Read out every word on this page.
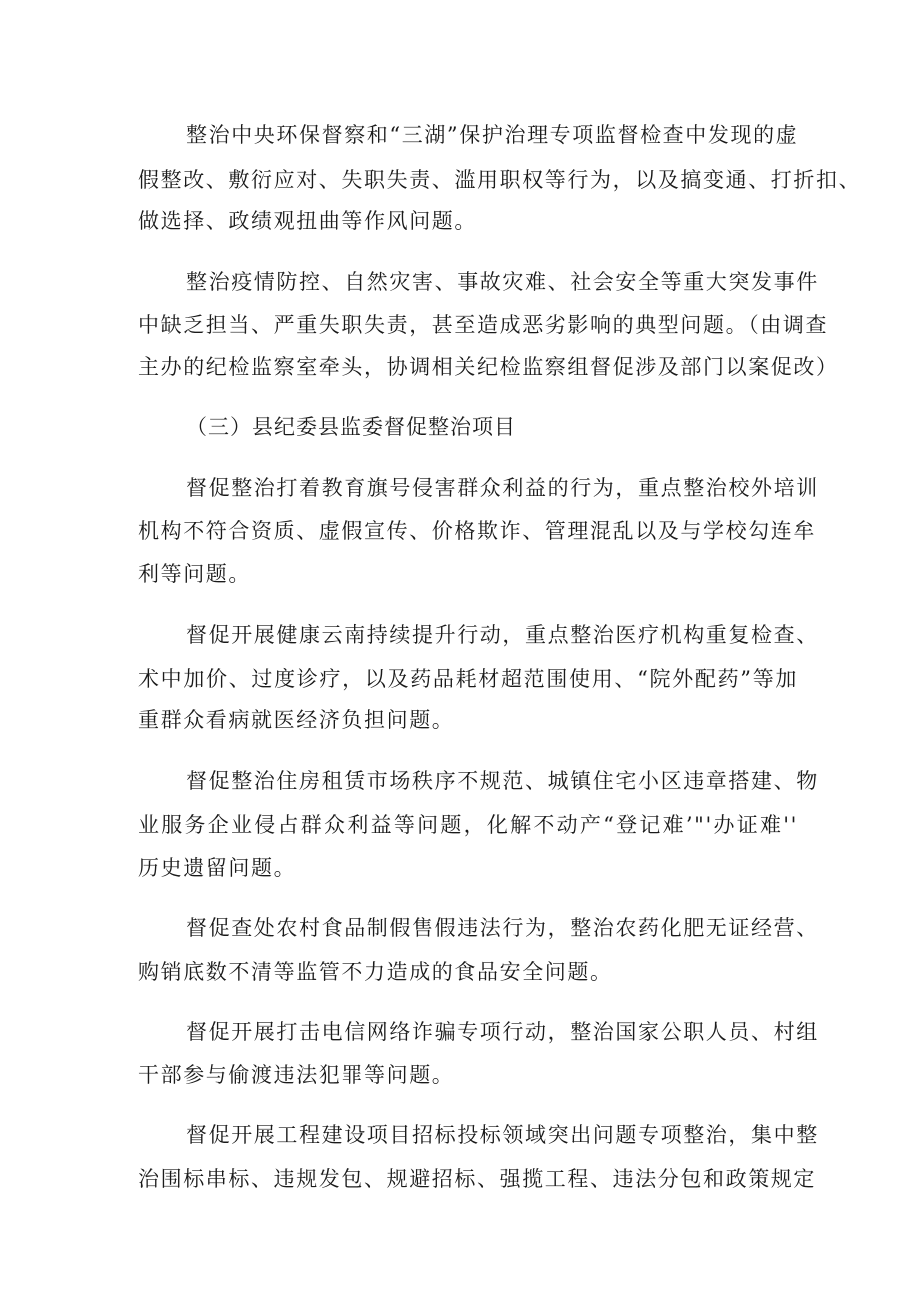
整治中央环保督察和“三湖”保护治理专项监督检查中发现的虚
假整改、敷衍应对、失职失责、滥用职权等行为，以及搞变通、打折扣、
做选择、政绩观扭曲等作风问题。
整治疫情防控、自然灾害、事故灾难、社会安全等重大突发事件
中缺乏担当、严重失职失责，甚至造成恶劣影响的典型问题。（由调查
主办的纪检监察室牵头，协调相关纪检监察组督促涉及部门以案促改）
（三）县纪委县监委督促整治项目
督促整治打着教育旗号侵害群众利益的行为，重点整治校外培训
机构不符合资质、虚假宣传、价格欺诈、管理混乱以及与学校勾连牟
利等问题。
督促开展健康云南持续提升行动，重点整治医疗机构重复检查、
术中加价、过度诊疗，以及药品耗材超范围使用、“院外配药”等加
重群众看病就医经济负担问题。
督促整治住房租赁市场秩序不规范、城镇住宅小区违章搭建、物
业服务企业侵占群众利益等问题，化解不动产“登记难’"'办证难''
历史遗留问题。
督促查处农村食品制假售假违法行为，整治农药化肥无证经营、
购销底数不清等监管不力造成的食品安全问题。
督促开展打击电信网络诈骗专项行动，整治国家公职人员、村组
干部参与偷渡违法犯罪等问题。
督促开展工程建设项目招标投标领域突出问题专项整治，集中整
治围标串标、违规发包、规避招标、强揽工程、违法分包和政策规定
